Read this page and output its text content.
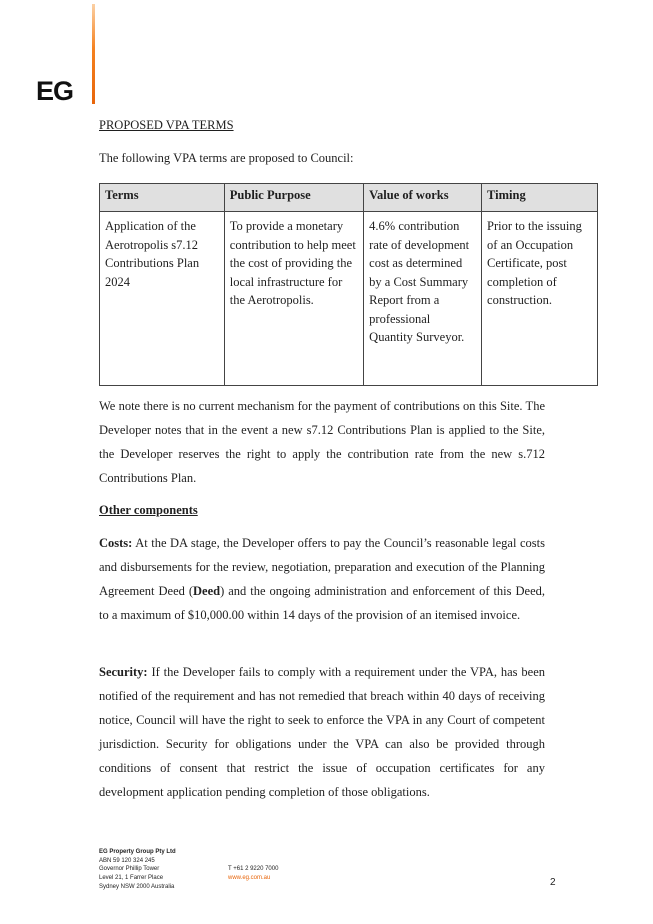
EG

PROPOSED VPA TERMS

The following VPA terms are proposed to Council:

Terms	Public Purpose	Value of works	Timing
Application of the Aerotropolis s7.12 Contributions Plan 2024	To provide a monetary contribution to help meet the cost of providing the local infrastructure for the Aerotropolis.	4.6% contribution rate of development cost as determined by a Cost Summary Report from a professional Quantity Surveyor.	Prior to the issuing of an Occupation Certificate, post completion of construction.

We note there is no current mechanism for the payment of contributions on this Site. The Developer notes that in the event a new s7.12 Contributions Plan is applied to the Site, the Developer reserves the right to apply the contribution rate from the new s.712 Contributions Plan.

Other components

Costs: At the DA stage, the Developer offers to pay the Council’s reasonable legal costs and disbursements for the review, negotiation, preparation and execution of the Planning Agreement Deed (Deed) and the ongoing administration and enforcement of this Deed, to a maximum of $10,000.00 within 14 days of the provision of an itemised invoice.

Security: If the Developer fails to comply with a requirement under the VPA, has been notified of the requirement and has not remedied that breach within 40 days of receiving notice, Council will have the right to seek to enforce the VPA in any Court of competent jurisdiction. Security for obligations under the VPA can also be provided through conditions of consent that restrict the issue of occupation certificates for any development application pending completion of those obligations.

EG Property Group Pty Ltd
ABN 59 120 324 245
Governor Phillip Tower
Level 21, 1 Farrer Place
Sydney NSW 2000 Australia
T +61 2 9220 7000
www.eg.com.au	2
